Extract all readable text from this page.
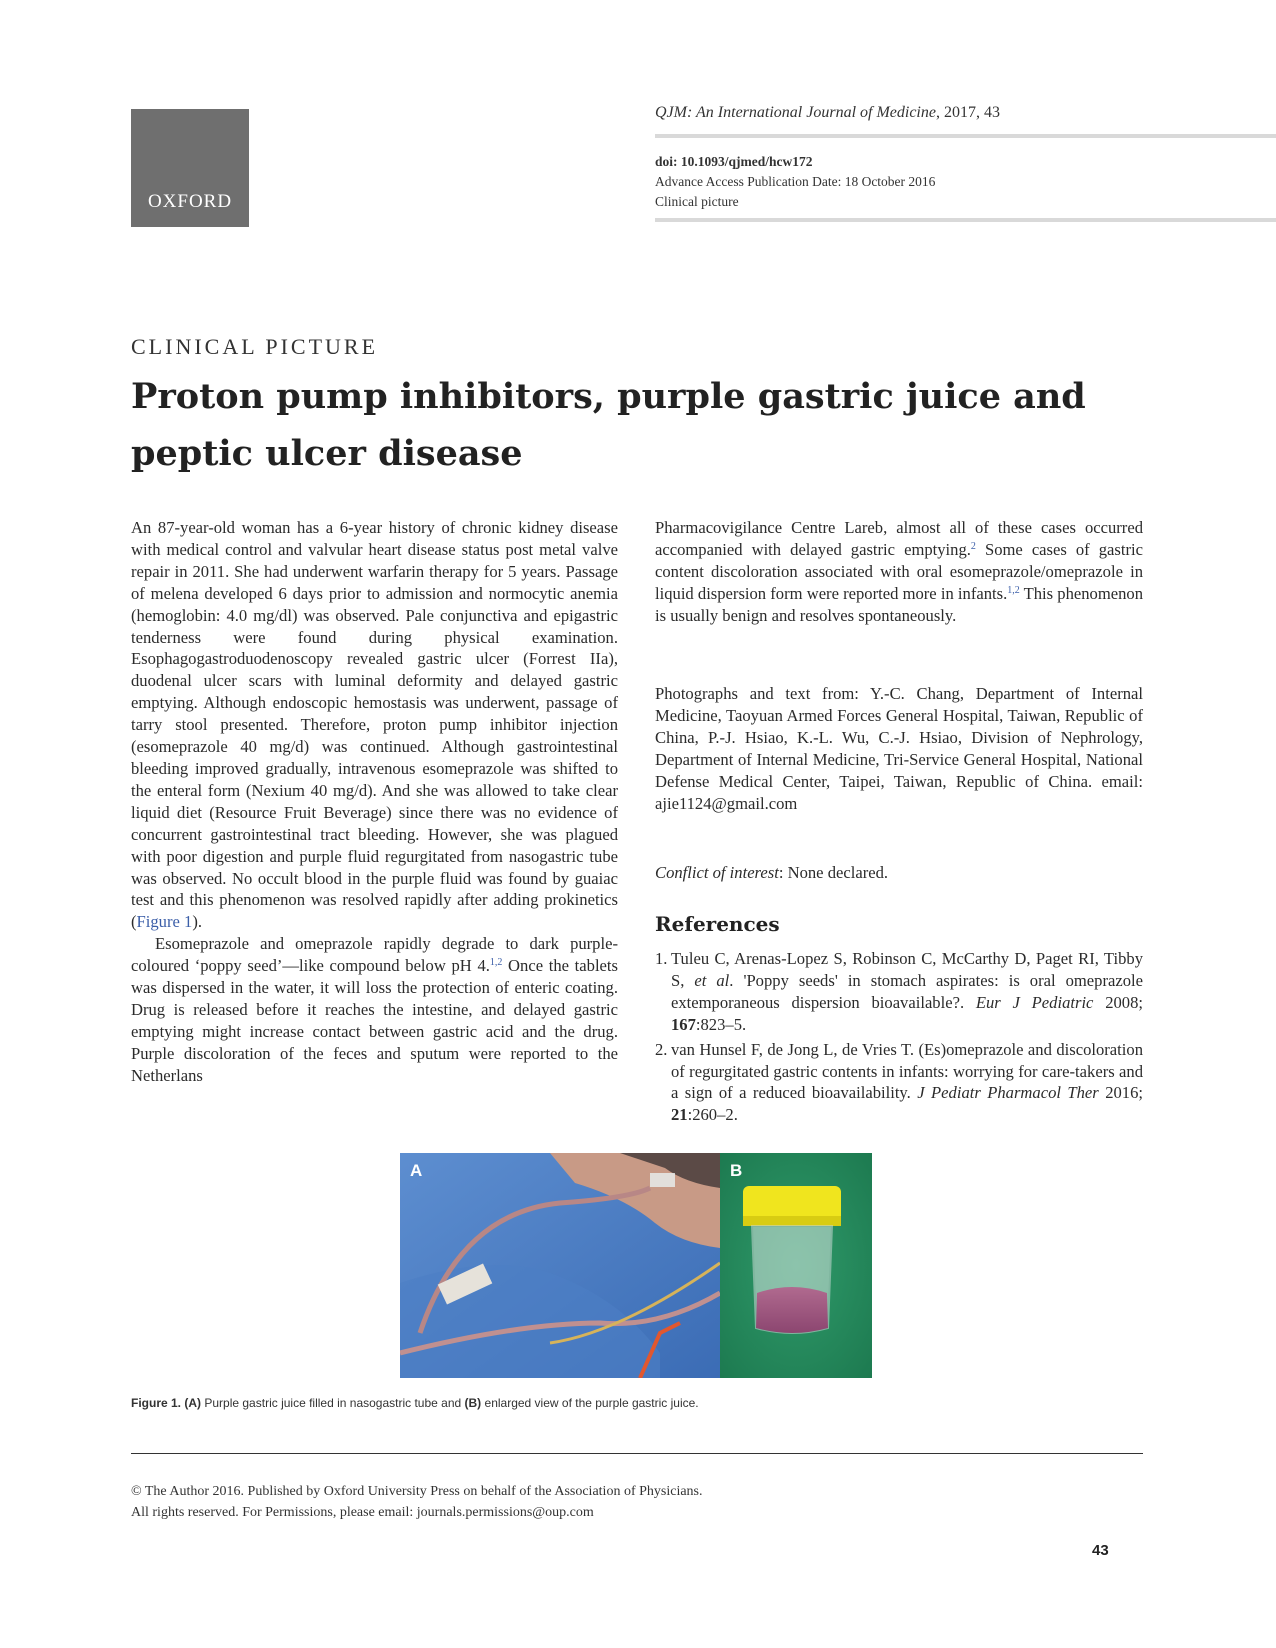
OXFORD
QJM: An International Journal of Medicine, 2017, 43
doi: 10.1093/qjmed/hcw172
Advance Access Publication Date: 18 October 2016
Clinical picture
CLINICAL PICTURE
Proton pump inhibitors, purple gastric juice and peptic ulcer disease

An 87-year-old woman has a 6-year history of chronic kidney disease with medical control and valvular heart disease status post metal valve repair in 2011. She had underwent warfarin therapy for 5 years. Passage of melena developed 6 days prior to admission and normocytic anemia (hemoglobin: 4.0 mg/dl) was observed. Pale conjunctiva and epigastric tenderness were found during physical examination. Esophagogastroduodenoscopy revealed gastric ulcer (Forrest IIa), duodenal ulcer scars with luminal deformity and delayed gastric emptying. Although endoscopic hemostasis was underwent, passage of tarry stool presented. Therefore, proton pump inhibitor injection (esomeprazole 40 mg/d) was continued. Although gastrointestinal bleeding improved gradually, intravenous esomeprazole was shifted to the enteral form (Nexium 40 mg/d). And she was allowed to take clear liquid diet (Resource Fruit Beverage) since there was no evidence of concurrent gastrointestinal tract bleeding. However, she was plagued with poor digestion and purple fluid regurgitated from nasogastric tube was observed. No occult blood in the purple fluid was found by guaiac test and this phenomenon was resolved rapidly after adding prokinetics (Figure 1).

Esomeprazole and omeprazole rapidly degrade to dark purple-coloured ‘poppy seed’—like compound below pH 4.$^{1,2}$ Once the tablets was dispersed in the water, it will loss the protection of enteric coating. Drug is released before it reaches the intestine, and delayed gastric emptying might increase contact between gastric acid and the drug. Purple discoloration of the feces and sputum were reported to the Netherlans

Pharmacovigilance Centre Lareb, almost all of these cases occurred accompanied with delayed gastric emptying.$^2$ Some cases of gastric content discoloration associated with oral esomeprazole/omeprazole in liquid dispersion form were reported more in infants.$^{1,2}$ This phenomenon is usually benign and resolves spontaneously.

Photographs and text from: Y.-C. Chang, Department of Internal Medicine, Taoyuan Armed Forces General Hospital, Taiwan, Republic of China, P.-J. Hsiao, K.-L. Wu, C.-J. Hsiao, Division of Nephrology, Department of Internal Medicine, Tri-Service General Hospital, National Defense Medical Center, Taipei, Taiwan, Republic of China. email: ajie1124@gmail.com
Conflict of interest: None declared.
References
1. Tuleu C, Arenas-Lopez S, Robinson C, McCarthy D, Paget RI, Tibby S, et al. 'Poppy seeds' in stomach aspirates: is oral omeprazole extemporaneous dispersion bioavailable?. Eur J Pediatric 2008; 167:823–5.
2. van Hunsel F, de Jong L, de Vries T. (Es)omeprazole and discoloration of regurgitated gastric contents in infants: worrying for care-takers and a sign of a reduced bioavailability. J Pediatr Pharmacol Ther 2016; 21:260–2.
A	B
Figure 1. (A) Purple gastric juice filled in nasogastric tube and (B) enlarged view of the purple gastric juice.
© The Author 2016. Published by Oxford University Press on behalf of the Association of Physicians.
All rights reserved. For Permissions, please email: journals.permissions@oup.com
43
